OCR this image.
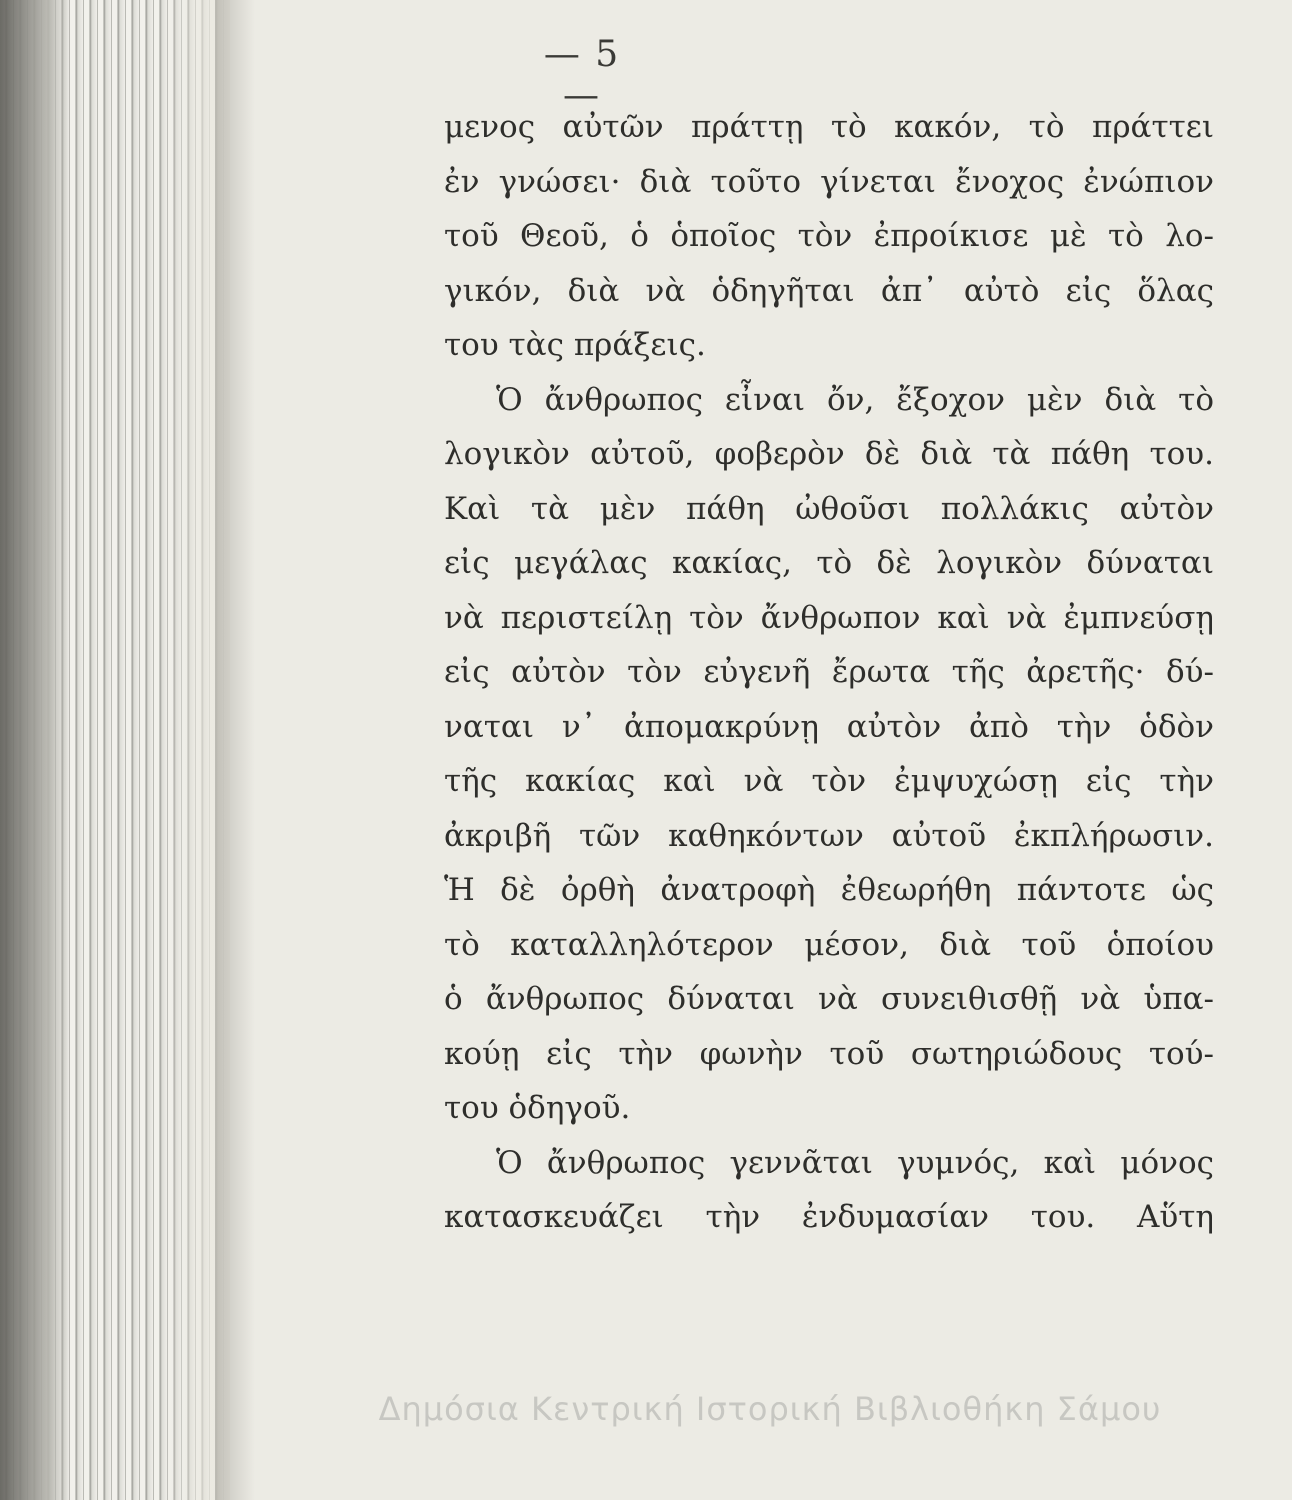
— 5 —
μενος αὐτῶν πράττῃ τὸ κακόν, τὸ πράττει
ἐν γνώσει· διὰ τοῦτο γίνεται ἔνοχος ἐνώπιον
τοῦ Θεοῦ, ὁ ὁποῖος τὸν ἐπροίκισε μὲ τὸ λο-
γικόν, διὰ νὰ ὁδηγῆται ἀπ᾽ αὐτὸ εἰς ὅλας
του τὰς πράξεις.
Ὁ ἄνθρωπος εἶναι ὄν, ἔξοχον μὲν διὰ τὸ
λογικὸν αὐτοῦ, φοβερὸν δὲ διὰ τὰ πάθη του.
Καὶ τὰ μὲν πάθη ὠθοῦσι πολλάκις αὐτὸν
εἰς μεγάλας κακίας, τὸ δὲ λογικὸν δύναται
νὰ περιστείλῃ τὸν ἄνθρωπον καὶ νὰ ἐμπνεύσῃ
εἰς αὐτὸν τὸν εὐγενῆ ἔρωτα τῆς ἀρετῆς· δύ-
ναται ν᾽ ἀπομακρύνῃ αὐτὸν ἀπὸ τὴν ὁδὸν
τῆς κακίας καὶ νὰ τὸν ἐμψυχώσῃ εἰς τὴν
ἀκριβῆ τῶν καθηκόντων αὐτοῦ ἐκπλήρωσιν.
Ἡ δὲ ὀρθὴ ἀνατροφὴ ἐθεωρήθη πάντοτε ὡς
τὸ καταλληλότερον μέσον, διὰ τοῦ ὁποίου
ὁ ἄνθρωπος δύναται νὰ συνειθισθῇ νὰ ὑπα-
κούῃ εἰς τὴν φωνὴν τοῦ σωτηριώδους τού-
του ὁδηγοῦ.
Ὁ ἄνθρωπος γεννᾶται γυμνός, καὶ μόνος
κατασκευάζει τὴν ἐνδυμασίαν του. Αὕτη
Δημόσια Κεντρική Ιστορική Βιβλιοθήκη Σάμου
